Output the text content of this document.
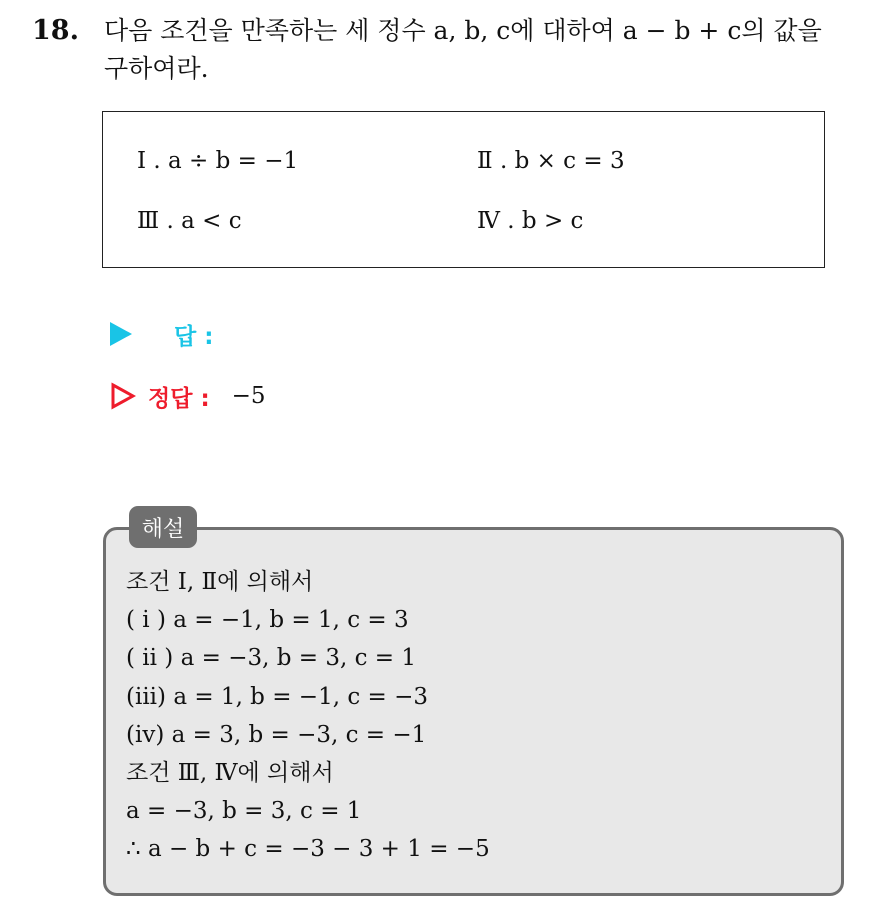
18. 다음 조건을 만족하는 세 정수 a, b, c에 대하여 a − b + c의 값을
구하여라.
Ⅰ . a ÷ b = −1	Ⅱ . b × c = 3
Ⅲ . a < c	Ⅳ . b > c
답 :
정답 : −5
해설
조건 Ⅰ, Ⅱ에 의해서
( i ) a = −1, b = 1, c = 3
( ii ) a = −3, b = 3, c = 1
(iii) a = 1, b = −1, c = −3
(iv) a = 3, b = −3, c = −1
조건 Ⅲ, Ⅳ에 의해서
a = −3, b = 3, c = 1
∴ a − b + c = −3 − 3 + 1 = −5
